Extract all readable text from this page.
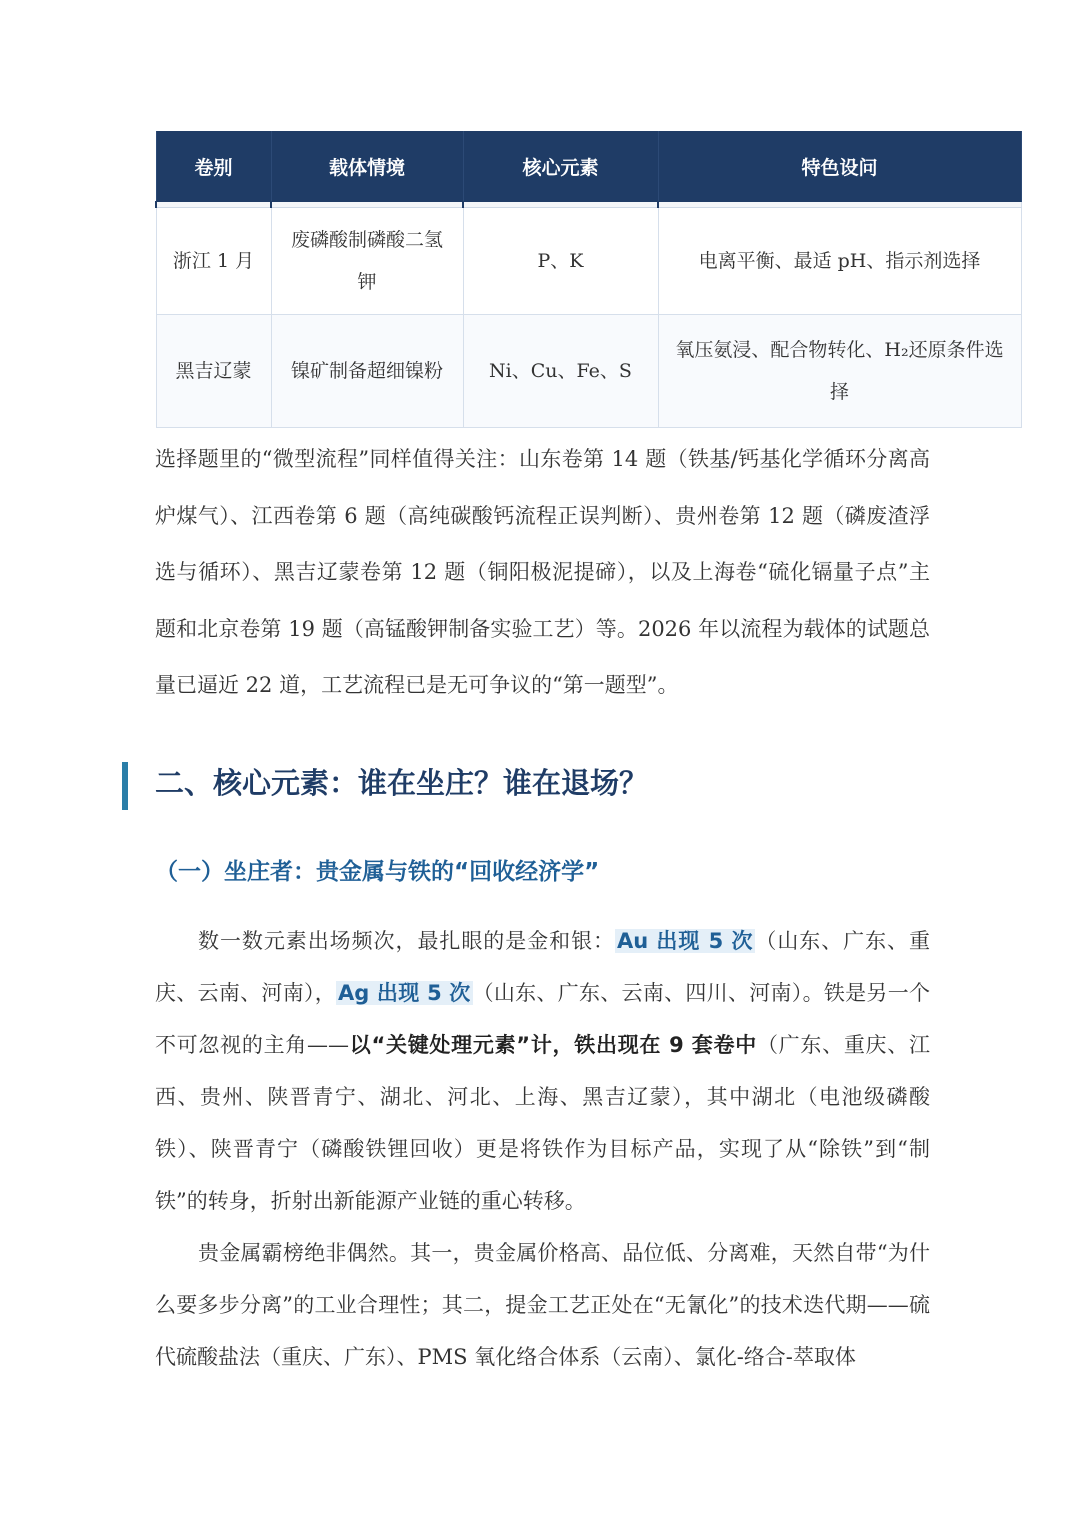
卷别	载体情境	核心元素	特色设问

浙江 1 月	废磷酸制磷酸二氢钾	P、K	电离平衡、最适 pH、指示剂选择
黑吉辽蒙	镍矿制备超细镍粉	Ni、Cu、Fe、S	氧压氨浸、配合物转化、H₂还原条件选择

选择题里的“微型流程”同样值得关注：山东卷第 14 题（铁基/钙基化学循环分离高炉煤气）、江西卷第 6 题（高纯碳酸钙流程正误判断）、贵州卷第 12 题（磷废渣浮选与循环）、黑吉辽蒙卷第 12 题（铜阳极泥提碲），以及上海卷“硫化镉量子点”主题和北京卷第 19 题（高锰酸钾制备实验工艺）等。2026 年以流程为载体的试题总量已逼近 22 道，工艺流程已是无可争议的“第一题型”。

二、核心元素：谁在坐庄？谁在退场？
（一）坐庄者：贵金属与铁的“回收经济学”

数一数元素出场频次，最扎眼的是金和银：Au 出现 5 次（山东、广东、重庆、云南、河南），Ag 出现 5 次（山东、广东、云南、四川、河南）。铁是另一个不可忽视的主角——以“关键处理元素”计，铁出现在 9 套卷中（广东、重庆、江西、贵州、陕晋青宁、湖北、河北、上海、黑吉辽蒙），其中湖北（电池级磷酸铁）、陕晋青宁（磷酸铁锂回收）更是将铁作为目标产品，实现了从“除铁”到“制铁”的转身，折射出新能源产业链的重心转移。

贵金属霸榜绝非偶然。其一，贵金属价格高、品位低、分离难，天然自带“为什么要多步分离”的工业合理性；其二，提金工艺正处在“无氰化”的技术迭代期——硫代硫酸盐法（重庆、广东）、PMS 氧化络合体系（云南）、氯化-络合-萃取体
